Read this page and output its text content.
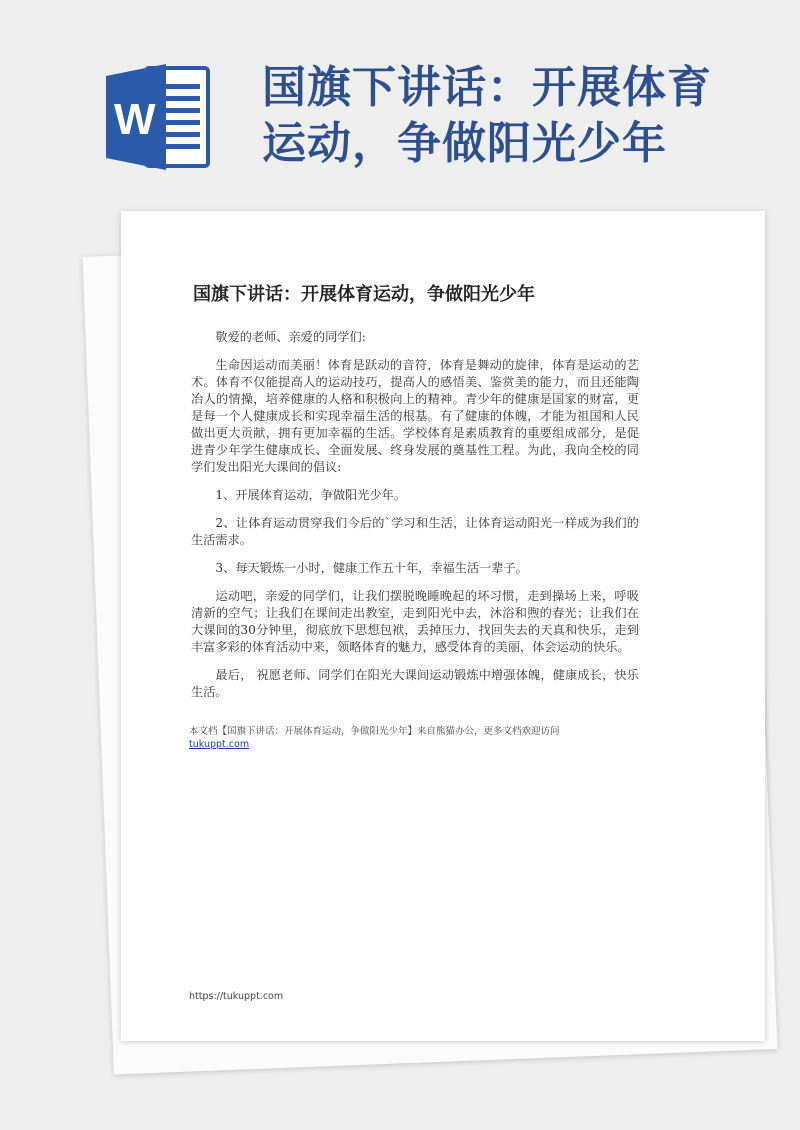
W
国旗下讲话：开展体育
运动，争做阳光少年
国旗下讲话：开展体育运动，争做阳光少年

敬爱的老师、亲爱的同学们:

生命因运动而美丽！体育是跃动的音符，体育是舞动的旋律，体育是运动的艺术。体育不仅能提高人的运动技巧，提高人的感悟美、鉴赏美的能力，而且还能陶冶人的情操，培养健康的人格和积极向上的精神。青少年的健康是国家的财富，更是每一个人健康成长和实现幸福生活的根基。有了健康的体魄，才能为祖国和人民做出更大贡献，拥有更加幸福的生活。学校体育是素质教育的重要组成部分，是促进青少年学生健康成长、全面发展、终身发展的奠基性工程。为此，我向全校的同学们发出阳光大课间的倡议:

1、开展体育运动，争做阳光少年。

2、让体育运动贯穿我们今后的`学习和生活，让体育运动阳光一样成为我们的生活需求。

3、每天锻炼一小时，健康工作五十年，幸福生活一辈子。

运动吧，亲爱的同学们，让我们摆脱晚睡晚起的坏习惯，走到操场上来，呼吸清新的空气；让我们在课间走出教室，走到阳光中去，沐浴和煦的春光；让我们在大课间的30分钟里，彻底放下思想包袱，丢掉压力，找回失去的天真和快乐，走到丰富多彩的体育活动中来，领略体育的魅力，感受体育的美丽，体会运动的快乐。

最后， 祝愿老师、同学们在阳光大课间运动锻炼中增强体魄，健康成长，快乐生活。

本文档【国旗下讲话：开展体育运动，争做阳光少年】来自熊猫办公，更多文档欢迎访问
tukuppt.com
https://tukuppt.com
